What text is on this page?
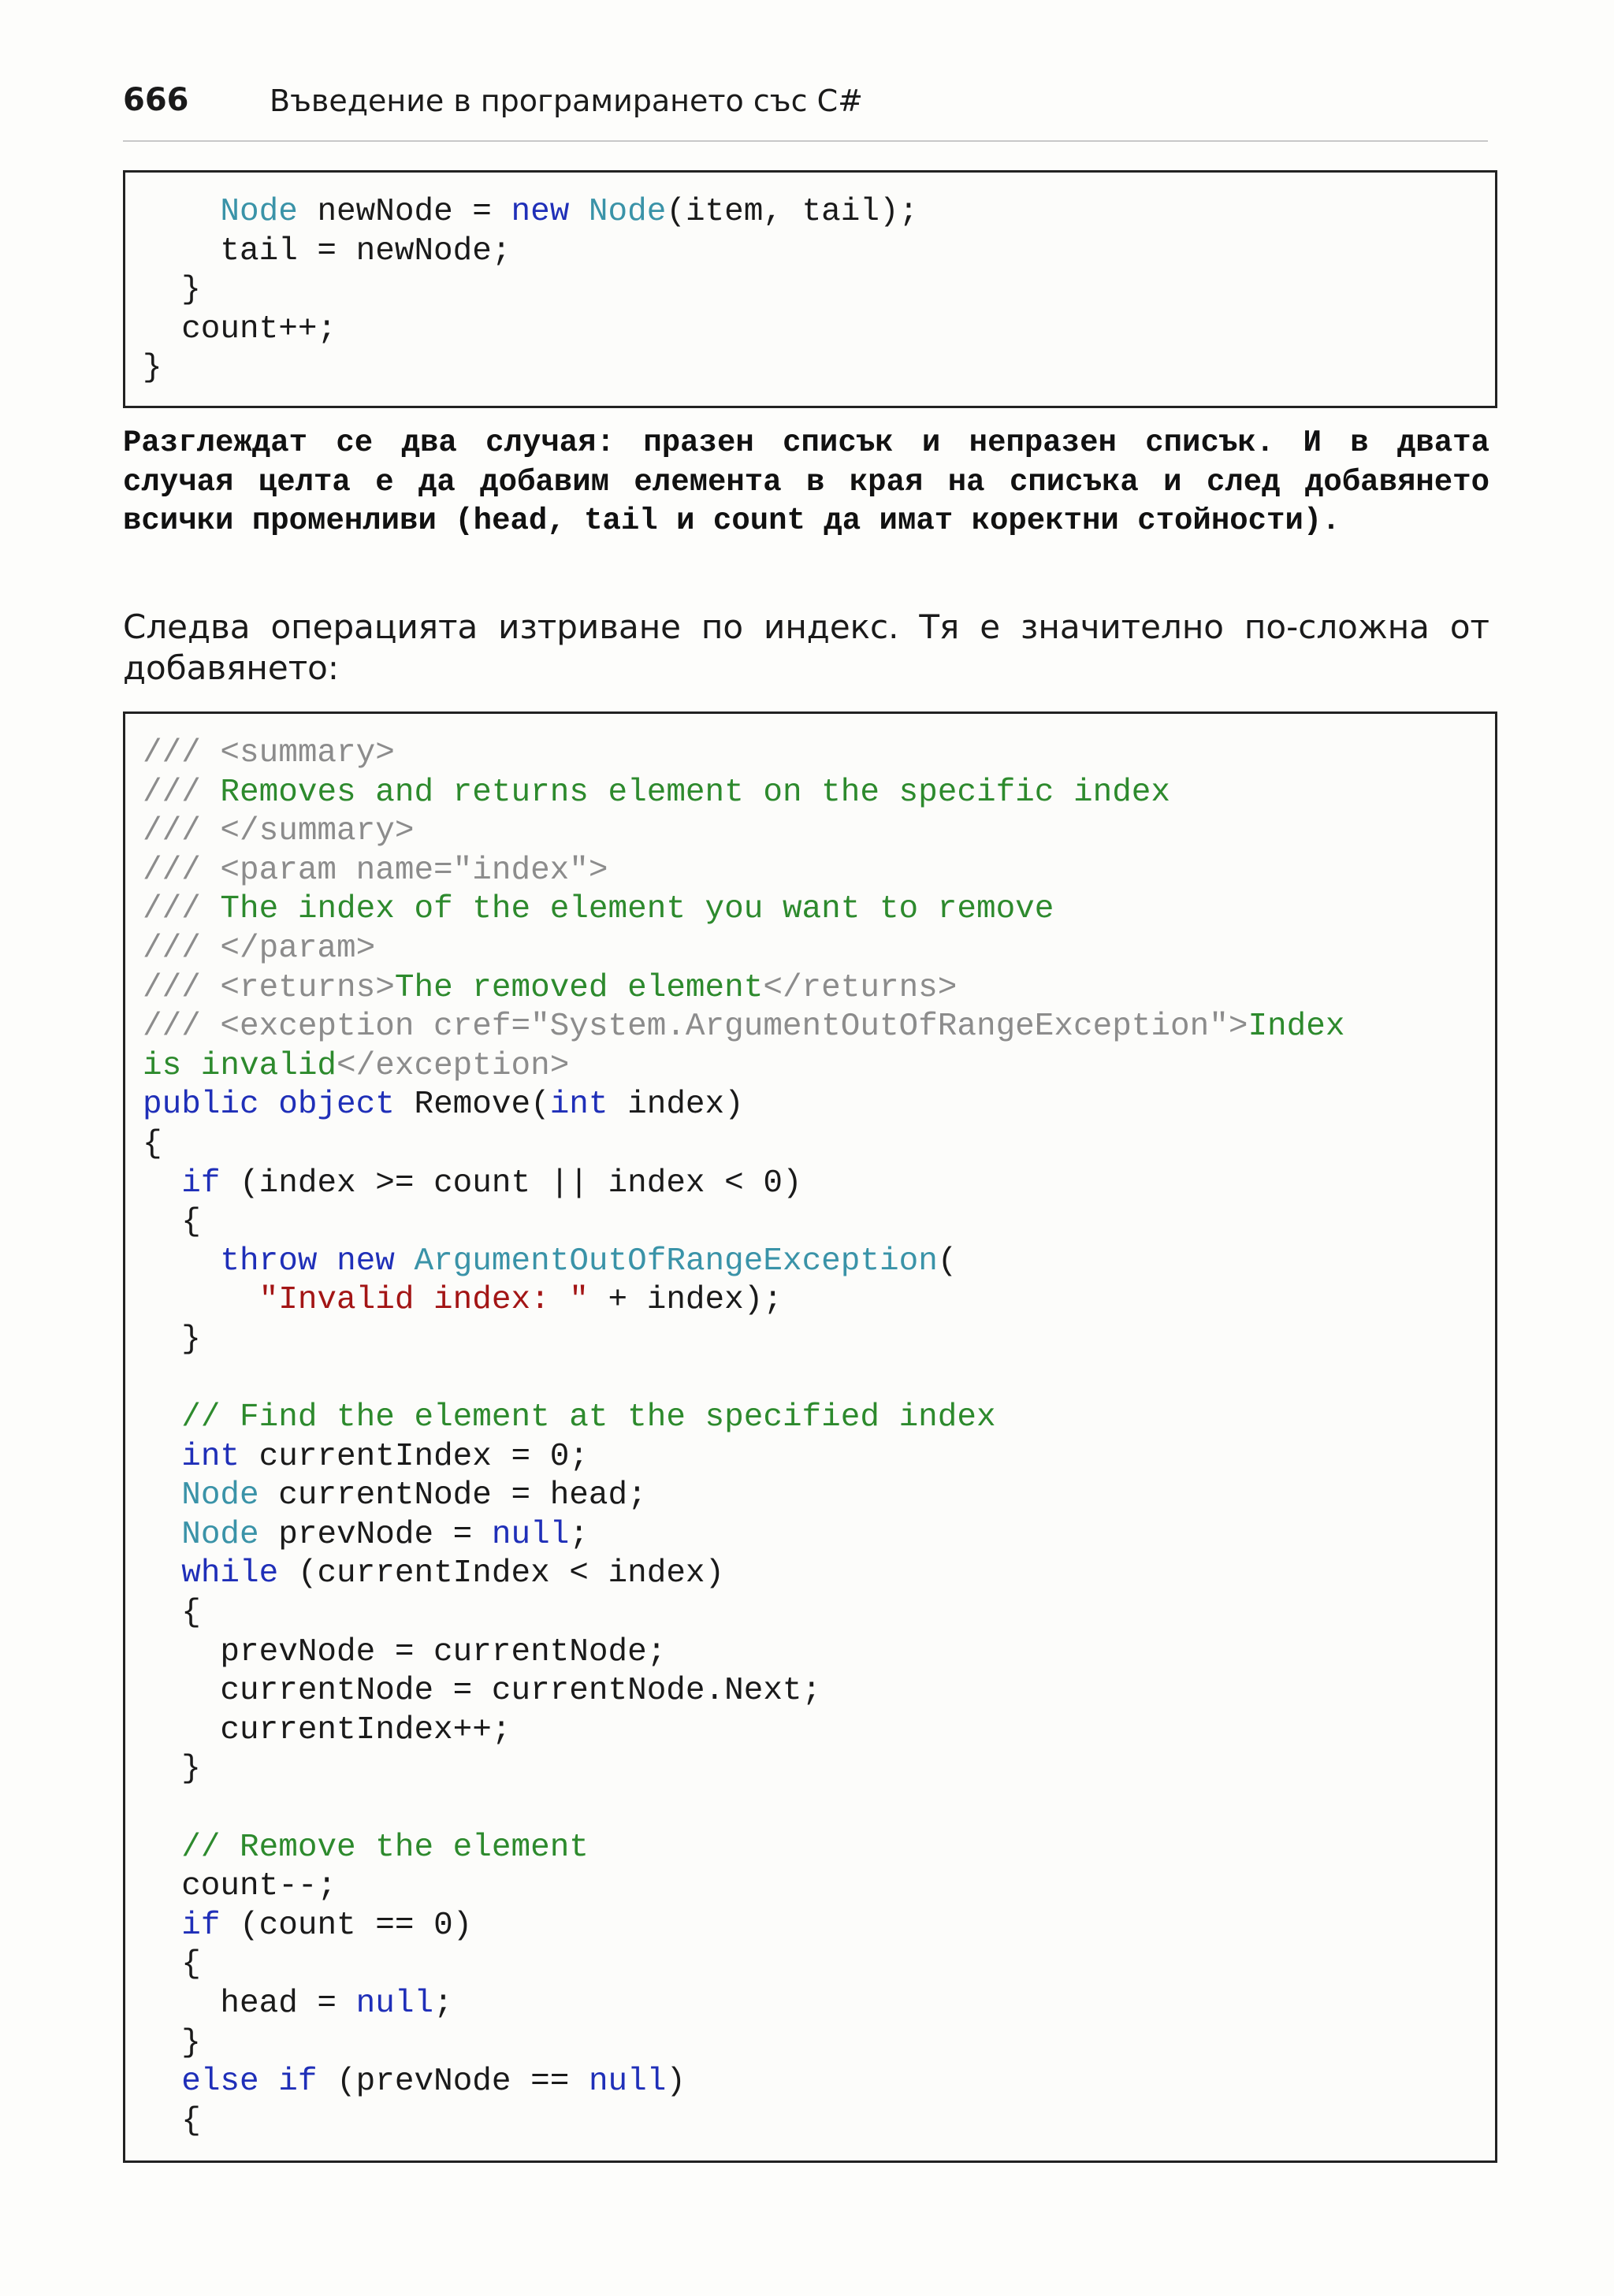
666	Въведение в програмирането със C#
Node newNode = new Node(item, tail);
tail = newNode;
}
count++;
}
Разглеждат се два случая: празен списък и непразен списък. И в двата случая целта е да добавим елемента в края на списъка и след добавянето всички променливи (head, tail и count да имат коректни стойности).
Следва операцията изтриване по индекс. Тя е значително по-сложна от добавянето:
/// <summary>
/// Removes and returns element on the specific index
/// </summary>
/// <param name="index">
/// The index of the element you want to remove
/// </param>
/// <returns>The removed element</returns>
/// <exception cref="System.ArgumentOutOfRangeException">Index
is invalid</exception>
public object Remove(int index)
{
if (index >= count || index < 0)
{
throw new ArgumentOutOfRangeException(
"Invalid index: " + index);
}
// Find the element at the specified index
int currentIndex = 0;
Node currentNode = head;
Node prevNode = null;
while (currentIndex < index)
{
prevNode = currentNode;
currentNode = currentNode.Next;
currentIndex++;
}
// Remove the element
count--;
if (count == 0)
{
head = null;
}
else if (prevNode == null)
{
